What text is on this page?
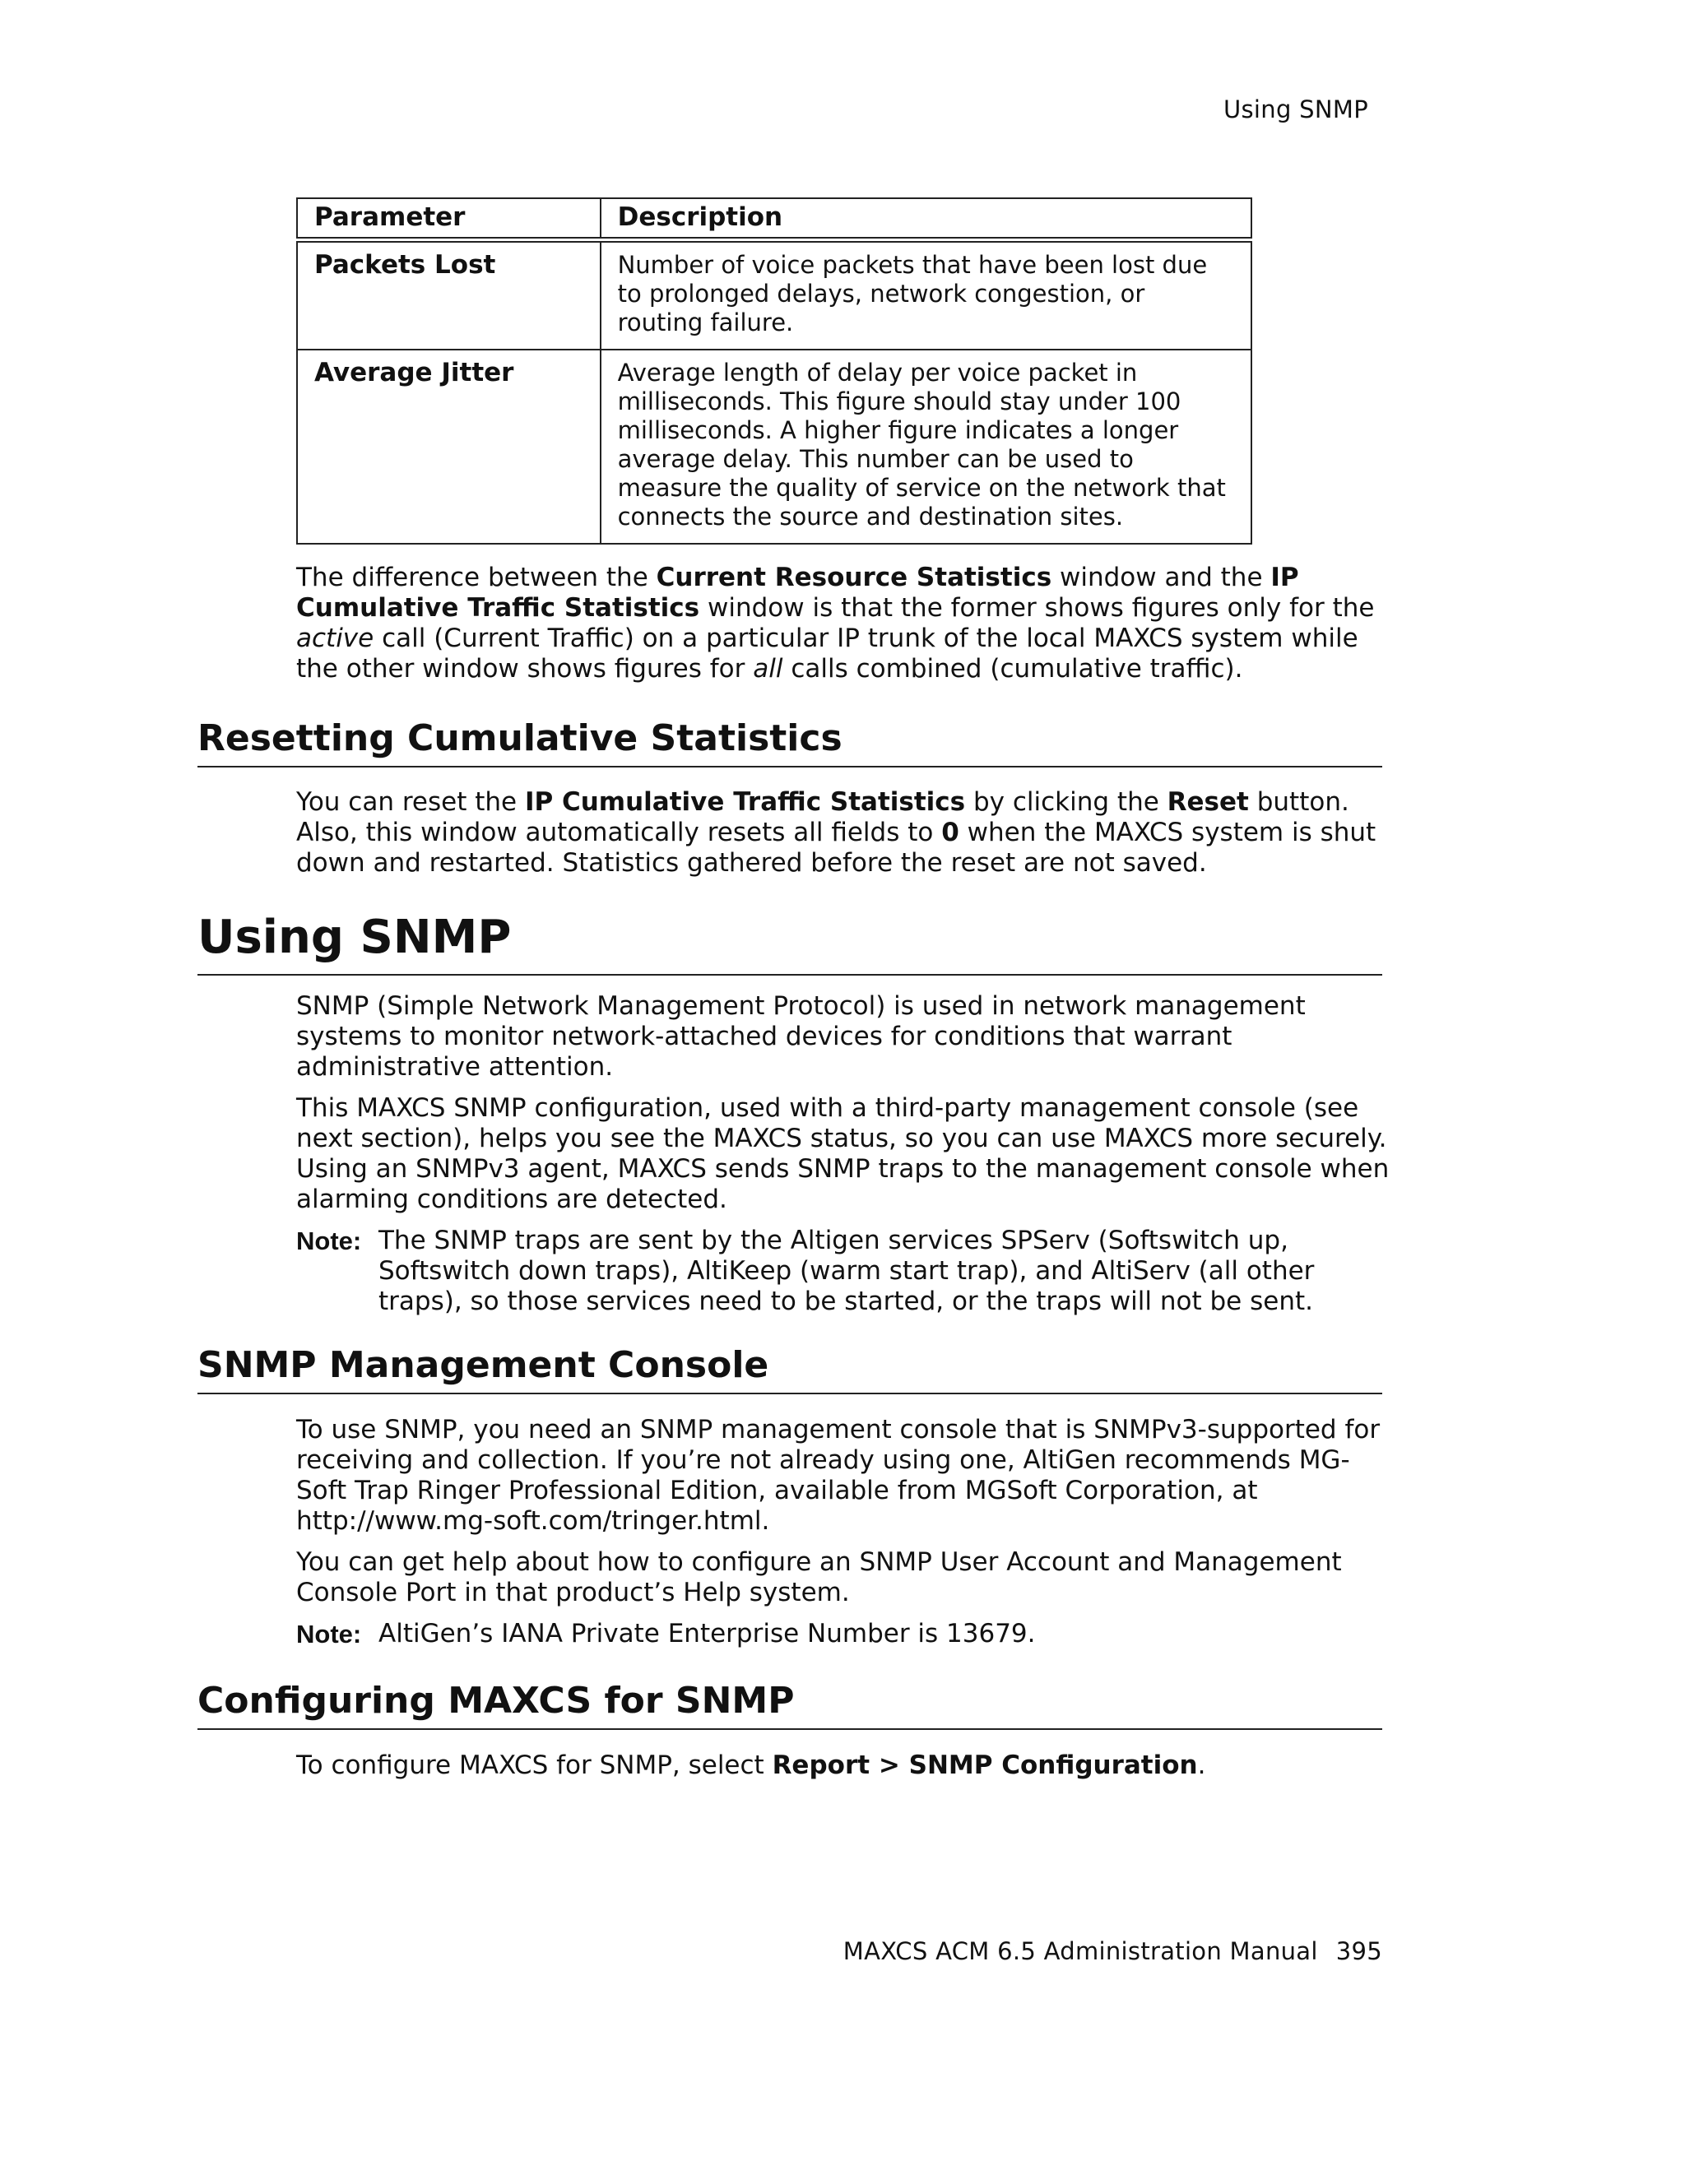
Using SNMP
Parameter	Description
Packets Lost	Number of voice packets that have been lost due to prolonged delays, network congestion, or routing failure.
Average Jitter	Average length of delay per voice packet in milliseconds. This figure should stay under 100 milliseconds. A higher figure indicates a longer average delay. This number can be used to measure the quality of service on the network that connects the source and destination sites.

The difference between the Current Resource Statistics window and the IP Cumulative Traffic Statistics window is that the former shows figures only for the active call (Current Traffic) on a particular IP trunk of the local MAXCS system while the other window shows figures for all calls combined (cumulative traffic).

Resetting Cumulative Statistics

You can reset the IP Cumulative Traffic Statistics by clicking the Reset button. Also, this window automatically resets all fields to 0 when the MAXCS system is shut down and restarted. Statistics gathered before the reset are not saved.

Using SNMP

SNMP (Simple Network Management Protocol) is used in network management systems to monitor network-attached devices for conditions that warrant administrative attention.

This MAXCS SNMP configuration, used with a third-party management console (see next section), helps you see the MAXCS status, so you can use MAXCS more securely. Using an SNMPv3 agent, MAXCS sends SNMP traps to the management console when alarming conditions are detected.

Note: The SNMP traps are sent by the Altigen services SPServ (Softswitch up, Softswitch down traps), AltiKeep (warm start trap), and AltiServ (all other traps), so those services need to be started, or the traps will not be sent.
SNMP Management Console

To use SNMP, you need an SNMP management console that is SNMPv3-supported for receiving and collection. If you’re not already using one, AltiGen recommends MG-Soft Trap Ringer Professional Edition, available from MGSoft Corporation, at http://www.mg-soft.com/tringer.html.

You can get help about how to configure an SNMP User Account and Management Console Port in that product’s Help system.

Note: AltiGen’s IANA Private Enterprise Number is 13679.
Configuring MAXCS for SNMP

To configure MAXCS for SNMP, select Report > SNMP Configuration.

MAXCS ACM 6.5 Administration Manual 395
